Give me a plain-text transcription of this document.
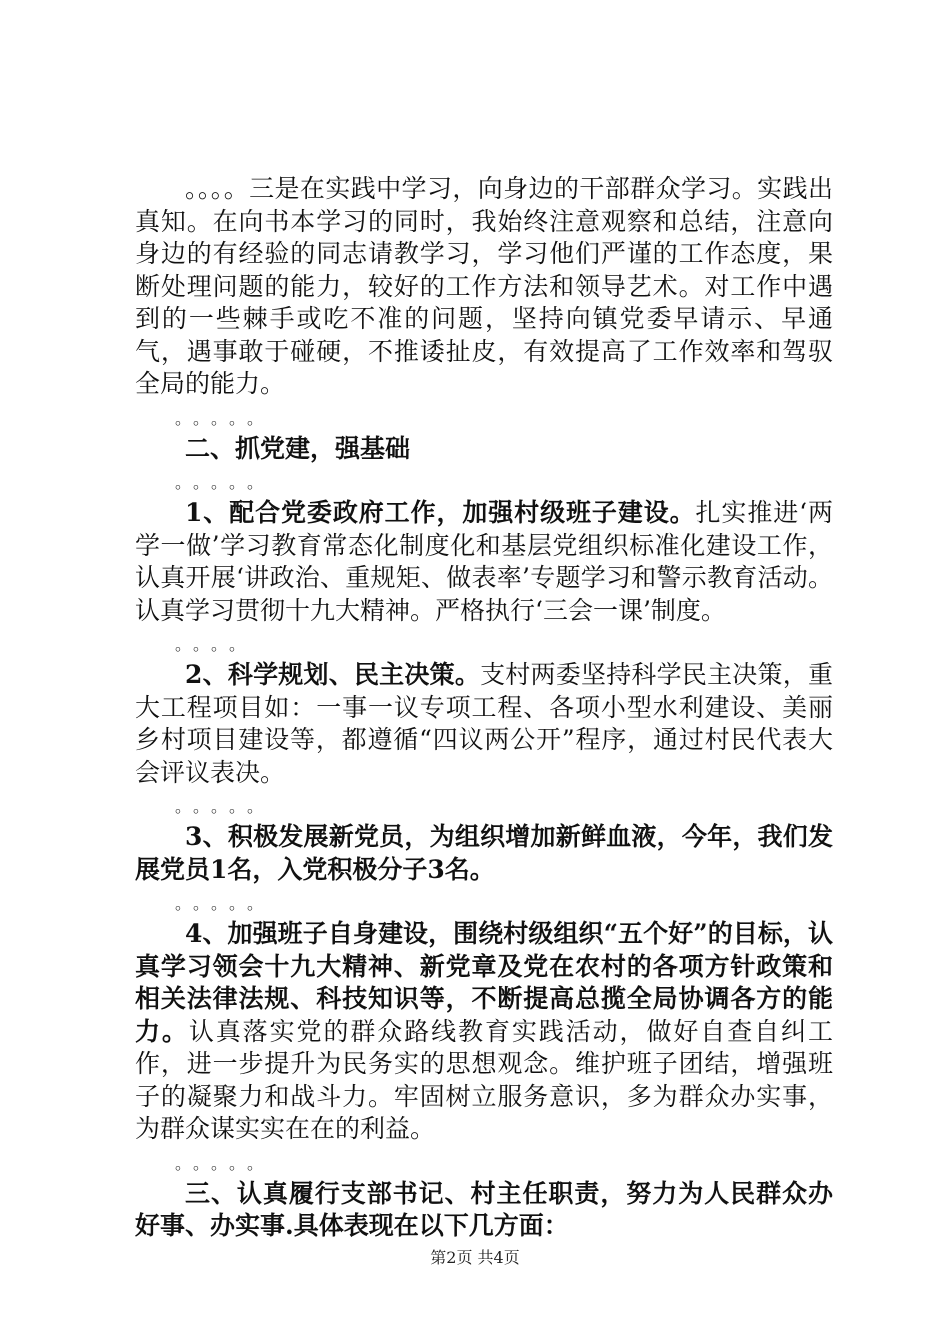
。。。。三是在实践中学习，向身边的干部群众学习。实践出真知。在向书本学习的同时，我始终注意观察和总结，注意向身边的有经验的同志请教学习，学习他们严谨的工作态度，果断处理问题的能力，较好的工作方法和领导艺术。对工作中遇到的一些棘手或吃不准的问题，坚持向镇党委早请示、早通气，遇事敢于碰硬，不推诿扯皮，有效提高了工作效率和驾驭全局的能力。

。。。。。

二、抓党建，强基础

。。。。。

1、配合党委政府工作，加强村级班子建设。扎实推进‘两学一做’学习教育常态化制度化和基层党组织标准化建设工作，认真开展‘讲政治、重规矩、做表率’专题学习和警示教育活动。认真学习贯彻十九大精神。严格执行‘三会一课’制度。

。。。。

2、科学规划、民主决策。支村两委坚持科学民主决策，重大工程项目如：一事一议专项工程、各项小型水利建设、美丽乡村项目建设等，都遵循“四议两公开”程序，通过村民代表大会评议表决。

。。。。。

3、积极发展新党员，为组织增加新鲜血液，今年，我们发展党员1名，入党积极分子3名。

。。。。。

4、加强班子自身建设，围绕村级组织“五个好”的目标，认真学习领会十九大精神、新党章及党在农村的各项方针政策和相关法律法规、科技知识等，不断提高总揽全局协调各方的能力。认真落实党的群众路线教育实践活动，做好自查自纠工作，进一步提升为民务实的思想观念。维护班子团结，增强班子的凝聚力和战斗力。牢固树立服务意识，多为群众办实事，为群众谋实实在在的利益。

。。。。。

三、认真履行支部书记、村主任职责，努力为人民群众办好事、办实事.具体表现在以下几方面：

第2页 共4页
